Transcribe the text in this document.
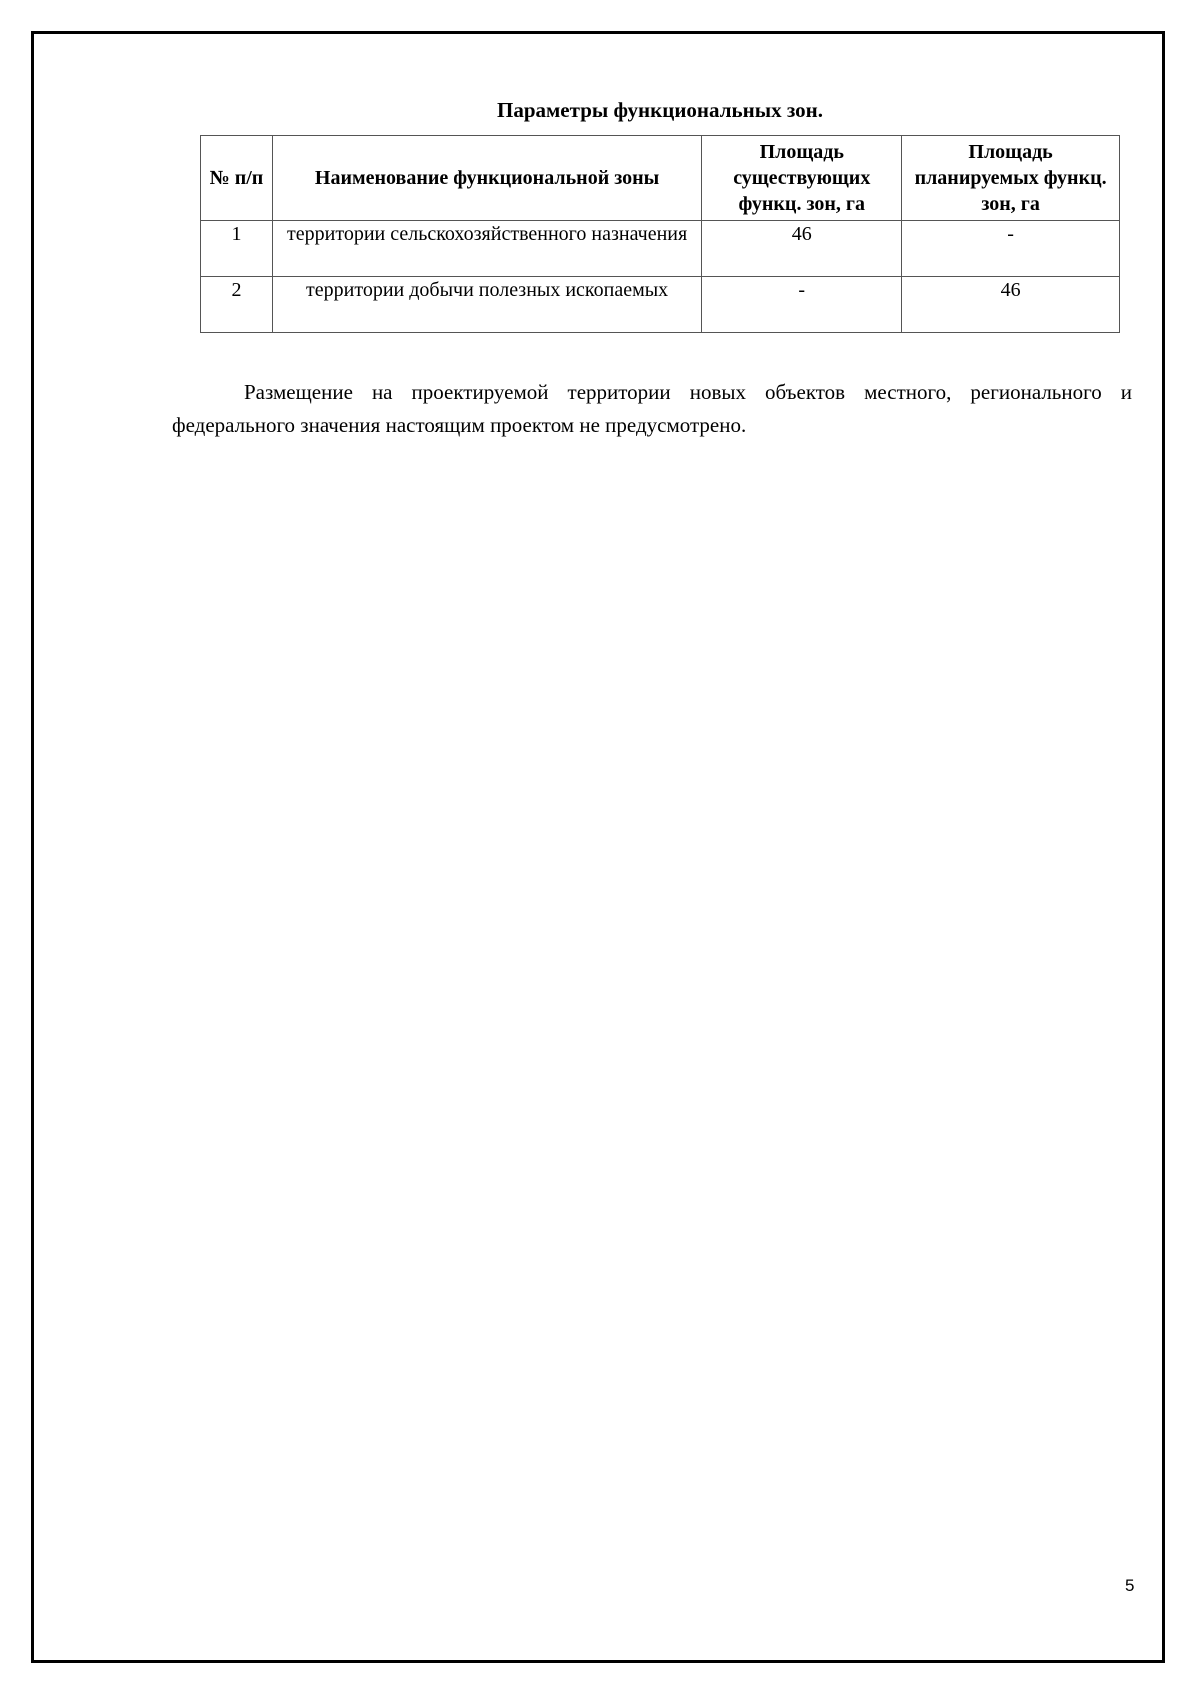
Параметры функциональных зон.
№ п/п	Наименование функциональной зоны	Площадь существующих функц. зон, га	Площадь планируемых функц. зон, га
1	территории сельскохозяйственного назначения	46	-
2	территории добычи полезных ископаемых	-	46

Размещение на проектируемой территории новых объектов местного, регионального и федерального значения настоящим проектом не предусмотрено.

5
